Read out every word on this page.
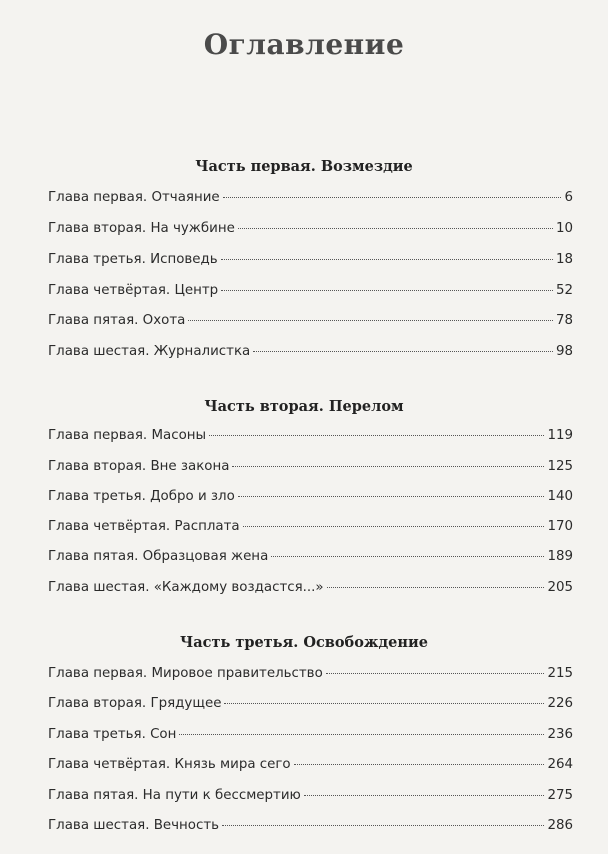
Оглавление
Часть первая. Возмездие
Глава первая. Отчаяние	6
Глава вторая. На чужбине	10
Глава третья. Исповедь	18
Глава четвёртая. Центр	52
Глава пятая. Охота	78
Глава шестая. Журналистка	98
Часть вторая. Перелом
Глава первая. Масоны	119
Глава вторая. Вне закона	125
Глава третья. Добро и зло	140
Глава четвёртая. Расплата	170
Глава пятая. Образцовая жена	189
Глава шестая. «Каждому воздастся...»	205
Часть третья. Освобождение
Глава первая. Мировое правительство	215
Глава вторая. Грядущее	226
Глава третья. Сон	236
Глава четвёртая. Князь мира сего	264
Глава пятая. На пути к бессмертию	275
Глава шестая. Вечность	286
